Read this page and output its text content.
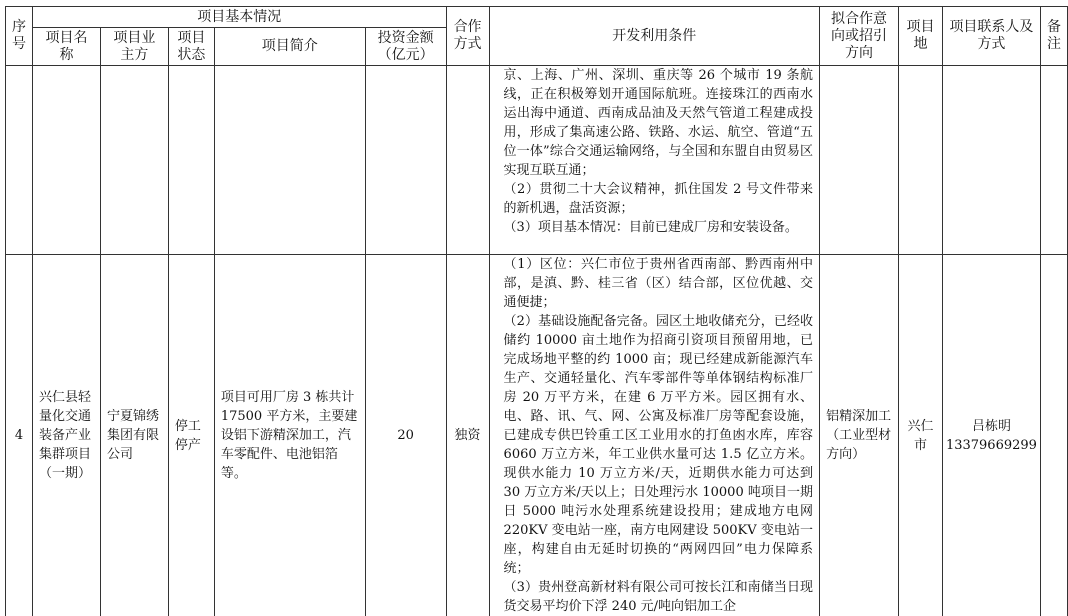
序号	项目基本情况					合作方式	开发利用条件	拟合作意向或招引方向	项目地	项目联系人及方式	备注
	项目名称	项目业主方	项目状态	项目简介	投资金额（亿元）						

							京、上海、广州、深圳、重庆等 26 个城市 19 条航线，正在积极筹划开通国际航班。连接珠江的西南水运出海中通道、西南成品油及天然气管道工程建成投用，形成了集高速公路、铁路、水运、航空、管道“五位一体”综合交通运输网络，与全国和东盟自由贸易区实现互联互通；
（2）贯彻二十大会议精神，抓住国发 2 号文件带来的新机遇，盘活资源；
（3）项目基本情况：目前已建成厂房和安装设备。				

4	兴仁县轻量化交通装备产业集群项目（一期）	宁夏锦绣集团有限公司	停工停产	项目可用厂房 3 栋共计 17500 平方米，主要建设铝下游精深加工，汽车零配件、电池铝箔等。	20	独资	（1）区位：兴仁市位于贵州省西南部、黔西南州中部，是滇、黔、桂三省（区）结合部，区位优越、交通便捷；
（2）基础设施配备完备。园区土地收储充分，已经收储约 10000 亩土地作为招商引资项目预留用地，已完成场地平整的约 1000 亩；现已经建成新能源汽车生产、交通轻量化、汽车零部件等单体钢结构标准厂房 20 万平方米，在建 6 万平方米。园区拥有水、电、路、讯、气、网、公寓及标准厂房等配套设施，已建成专供巴铃重工区工业用水的打鱼凼水库，库容 6060 万立方米，年工业供水量可达 1.5 亿立方米。现供水能力 10 万立方米/天，近期供水能力可达到 30 万立方米/天以上；日处理污水 10000 吨项目一期日 5000 吨污水处理系统建设投用；建成地方电网 220KV 变电站一座，南方电网建设 500KV 变电站一座，构建自由无延时切换的“两网四回”电力保障系统；
（3）贵州登高新材料有限公司可按长江和南储当日现货交易平均价下浮 240 元/吨向铝加工企	铝精深加工（工业型材方向）	兴仁市	吕栋明 13379669299	
